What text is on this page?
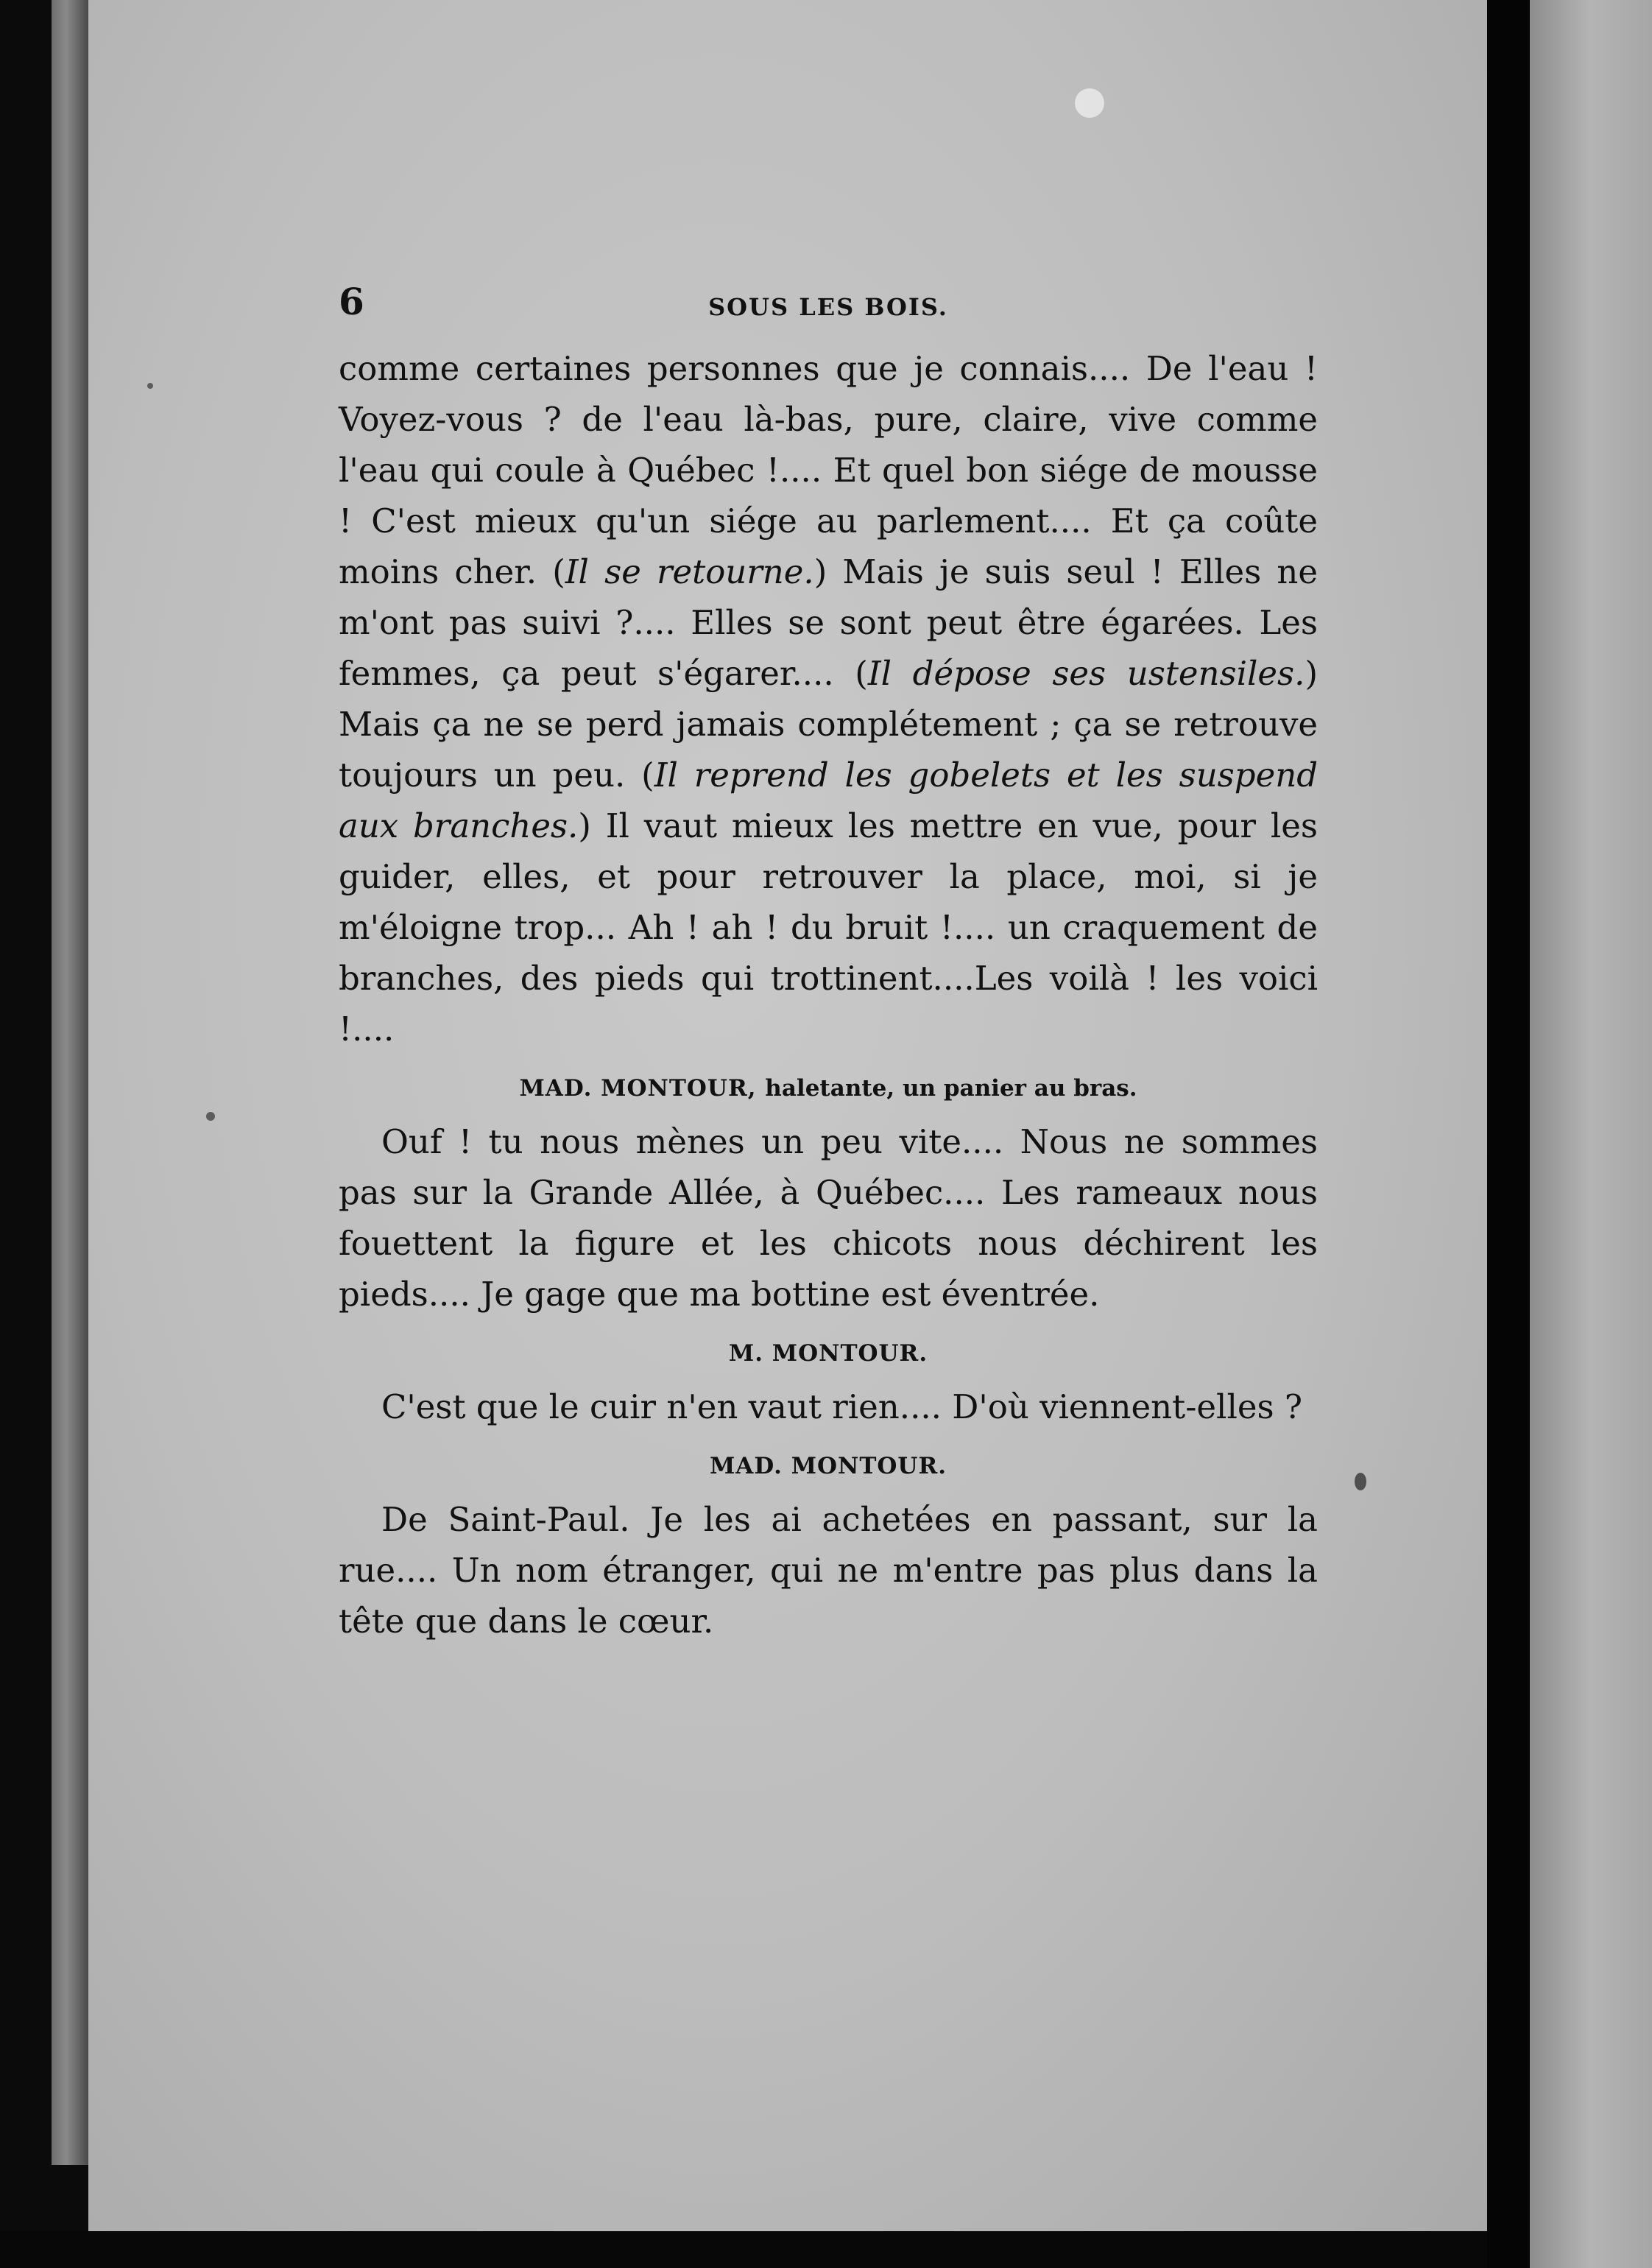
6	SOUS LES BOIS.

comme certaines personnes que je connais.... De l'eau ! Voyez-vous ? de l'eau là-bas, pure, claire, vive comme l'eau qui coule à Québec !.... Et quel bon siége de mousse ! C'est mieux qu'un siége au parlement.... Et ça coûte moins cher. (Il se retourne.) Mais je suis seul ! Elles ne m'ont pas suivi ?.... Elles se sont peut être égarées. Les femmes, ça peut s'égarer.... (Il dépose ses ustensiles.) Mais ça ne se perd jamais complétement ; ça se retrouve toujours un peu. (Il reprend les gobelets et les suspend aux branches.) Il vaut mieux les mettre en vue, pour les guider, elles, et pour retrouver la place, moi, si je m'éloigne trop... Ah ! ah ! du bruit !.... un craquement de branches, des pieds qui trottinent....Les voilà ! les voici !....

MAD. MONTOUR, haletante, un panier au bras.

Ouf ! tu nous mènes un peu vite.... Nous ne sommes pas sur la Grande Allée, à Québec.... Les rameaux nous fouettent la figure et les chicots nous déchirent les pieds.... Je gage que ma bottine est éventrée.

M. MONTOUR.

C'est que le cuir n'en vaut rien.... D'où viennent-elles ?

MAD. MONTOUR.

De Saint-Paul. Je les ai achetées en passant, sur la rue.... Un nom étranger, qui ne m'entre pas plus dans la tête que dans le cœur.
